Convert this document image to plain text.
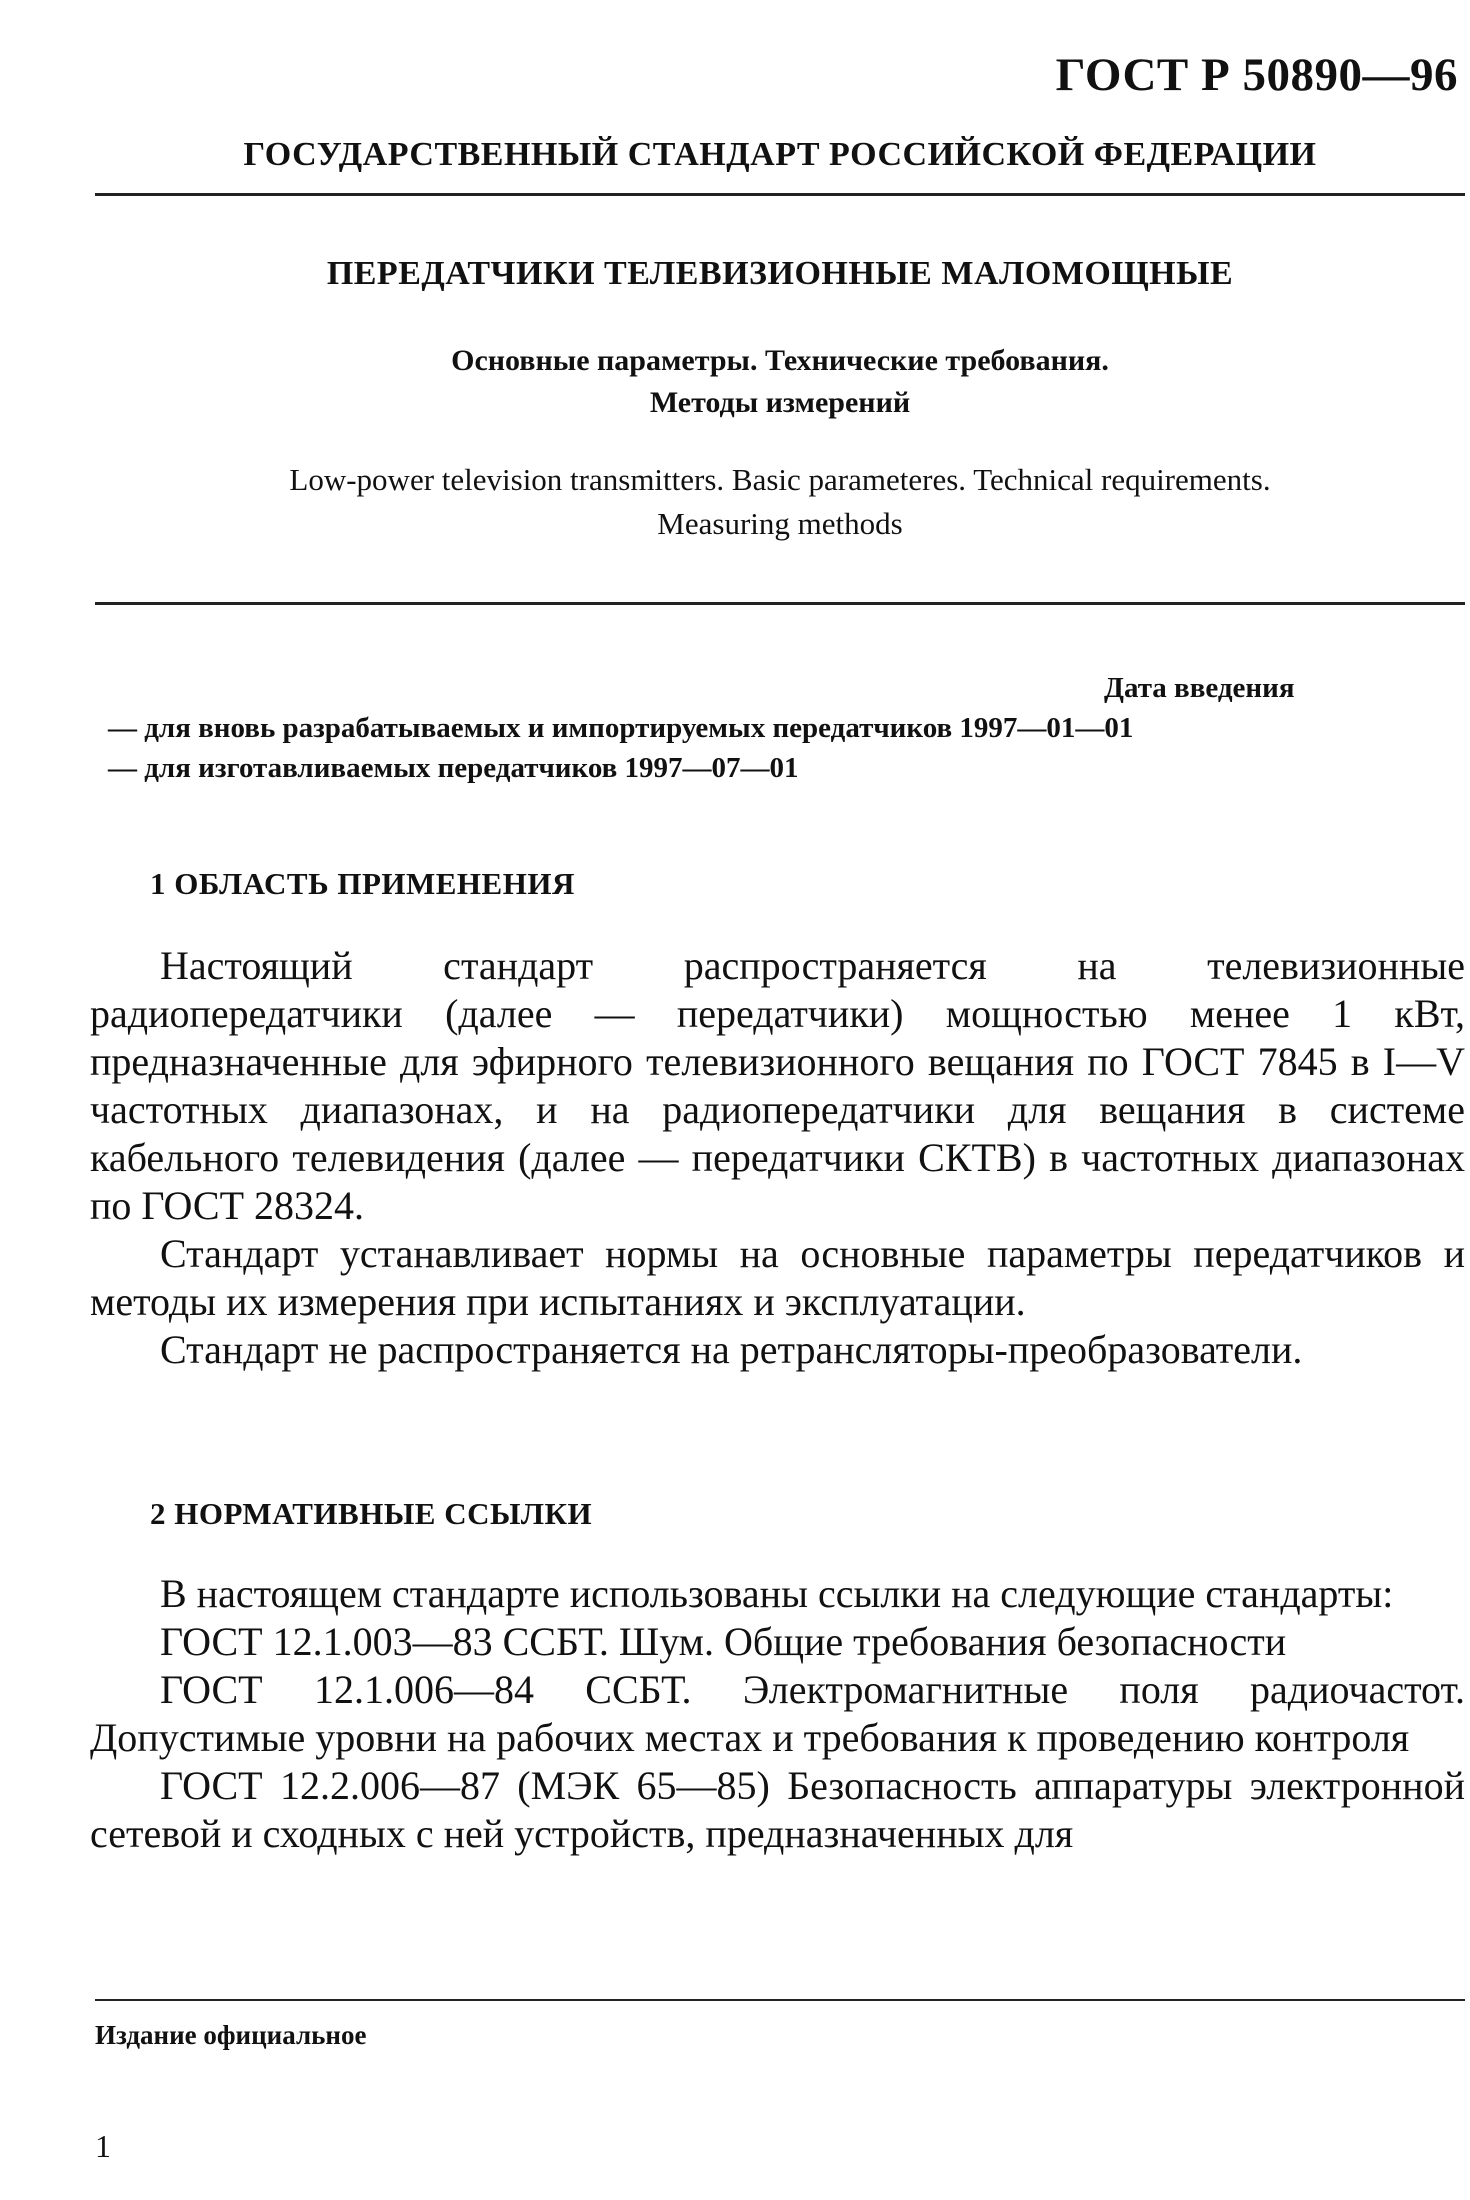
ГОСТ Р 50890—96
ГОСУДАРСТВЕННЫЙ СТАНДАРТ РОССИЙСКОЙ ФЕДЕРАЦИИ
ПЕРЕДАТЧИКИ ТЕЛЕВИЗИОННЫЕ МАЛОМОЩНЫЕ
Основные параметры. Технические требования.
Методы измерений
Low-power television transmitters. Basic parameteres. Technical requirements.
Measuring methods
Дата введения
— для вновь разрабатываемых и импортируемых передатчиков 1997—01—01
— для изготавливаемых передатчиков 1997—07—01
1 ОБЛАСТЬ ПРИМЕНЕНИЯ

Настоящий стандарт распространяется на телевизионные радиопередатчики (далее — передатчики) мощностью менее 1 кВт, предназначенные для эфирного телевизионного вещания по ГОСТ 7845 в I—V частотных диапазонах, и на радиопередатчики для вещания в системе кабельного телевидения (далее — передатчики СКТВ) в частотных диапазонах по ГОСТ 28324.

Стандарт устанавливает нормы на основные параметры передатчиков и методы их измерения при испытаниях и эксплуатации.

Стандарт не распространяется на ретрансляторы-преобразователи.

2 НОРМАТИВНЫЕ ССЫЛКИ

В настоящем стандарте использованы ссылки на следующие стандарты:

ГОСТ 12.1.003—83 ССБТ. Шум. Общие требования безопасности

ГОСТ 12.1.006—84 ССБТ. Электромагнитные поля радиочастот. Допустимые уровни на рабочих местах и требования к проведению контроля

ГОСТ 12.2.006—87 (МЭК 65—85) Безопасность аппаратуры электронной сетевой и сходных с ней устройств, предназначенных для

Издание официальное
1
